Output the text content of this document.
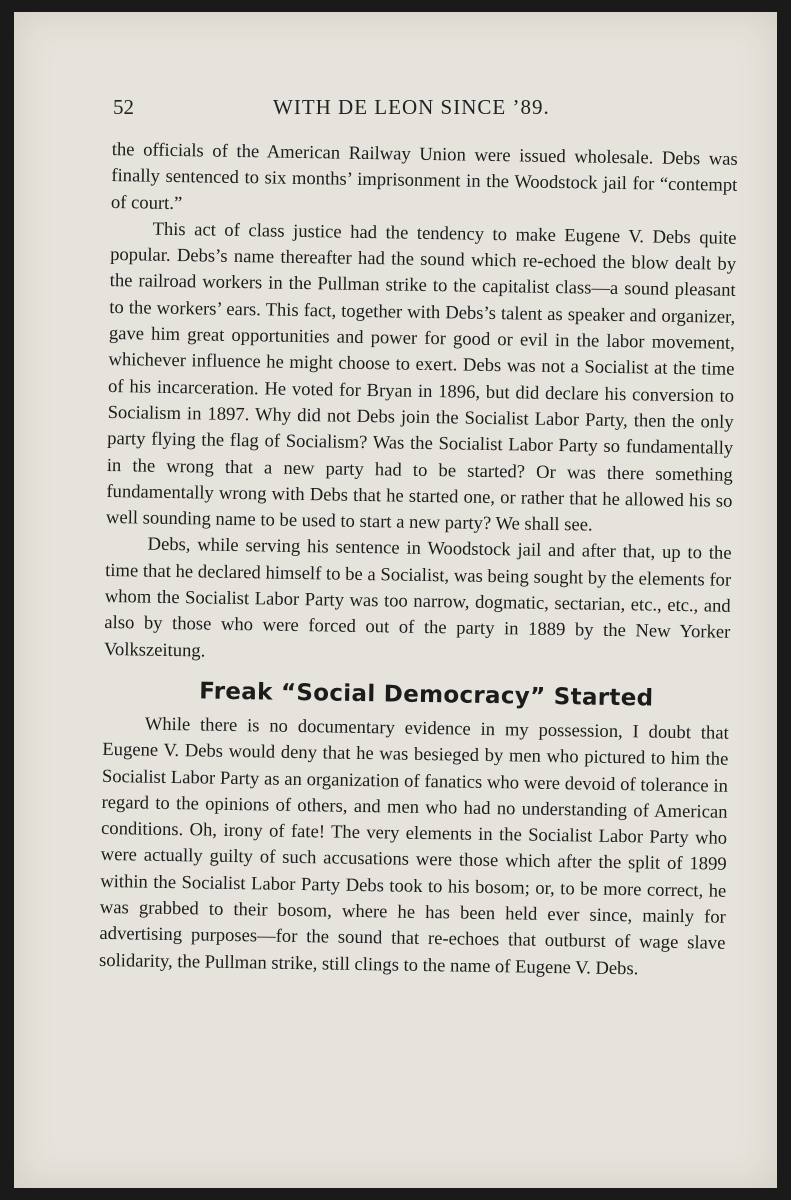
52	WITH DE LEON SINCE ’89.

the officials of the American Railway Union were issued wholesale. Debs was finally sentenced to six months’ imprisonment in the Woodstock jail for “contempt of court.”

This act of class justice had the tendency to make Eugene V. Debs quite popular. Debs’s name thereafter had the sound which re-echoed the blow dealt by the railroad workers in the Pullman strike to the capitalist class—a sound pleasant to the workers’ ears. This fact, together with Debs’s talent as speaker and organizer, gave him great opportunities and power for good or evil in the labor movement, whichever influence he might choose to exert. Debs was not a Socialist at the time of his incarceration. He voted for Bryan in 1896, but did declare his conversion to Socialism in 1897. Why did not Debs join the Socialist Labor Party, then the only party flying the flag of Socialism? Was the Socialist Labor Party so fundamentally in the wrong that a new party had to be started? Or was there something fundamentally wrong with Debs that he started one, or rather that he allowed his so well sounding name to be used to start a new party? We shall see.

Debs, while serving his sentence in Woodstock jail and after that, up to the time that he declared himself to be a Socialist, was being sought by the elements for whom the Socialist Labor Party was too narrow, dogmatic, sectarian, etc., etc., and also by those who were forced out of the party in 1889 by the New Yorker Volkszeitung.

Freak “Social Democracy” Started

While there is no documentary evidence in my possession, I doubt that Eugene V. Debs would deny that he was besieged by men who pictured to him the Socialist Labor Party as an organization of fanatics who were devoid of tolerance in regard to the opinions of others, and men who had no understanding of American conditions. Oh, irony of fate! The very elements in the Socialist Labor Party who were actually guilty of such accusations were those which after the split of 1899 within the Socialist Labor Party Debs took to his bosom; or, to be more correct, he was grabbed to their bosom, where he has been held ever since, mainly for advertising purposes—for the sound that re-echoes that outburst of wage slave solidarity, the Pullman strike, still clings to the name of Eugene V. Debs.
